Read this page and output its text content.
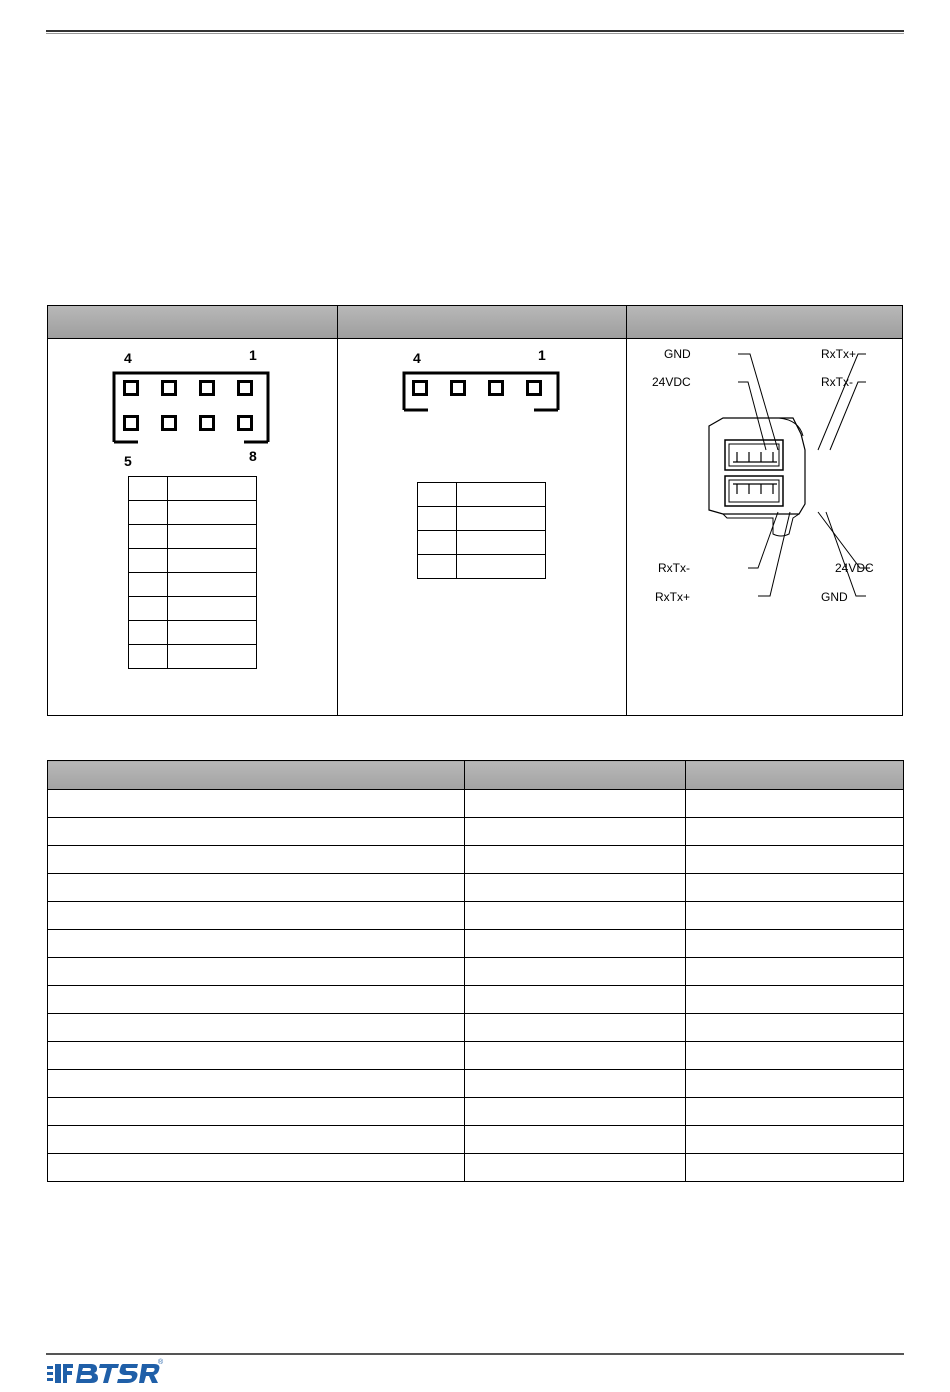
4	1
5	8

4	1

		GND
24VDC
RxTx+
RxTx-
RxTx-
RxTx+
24VDC
GND

®
